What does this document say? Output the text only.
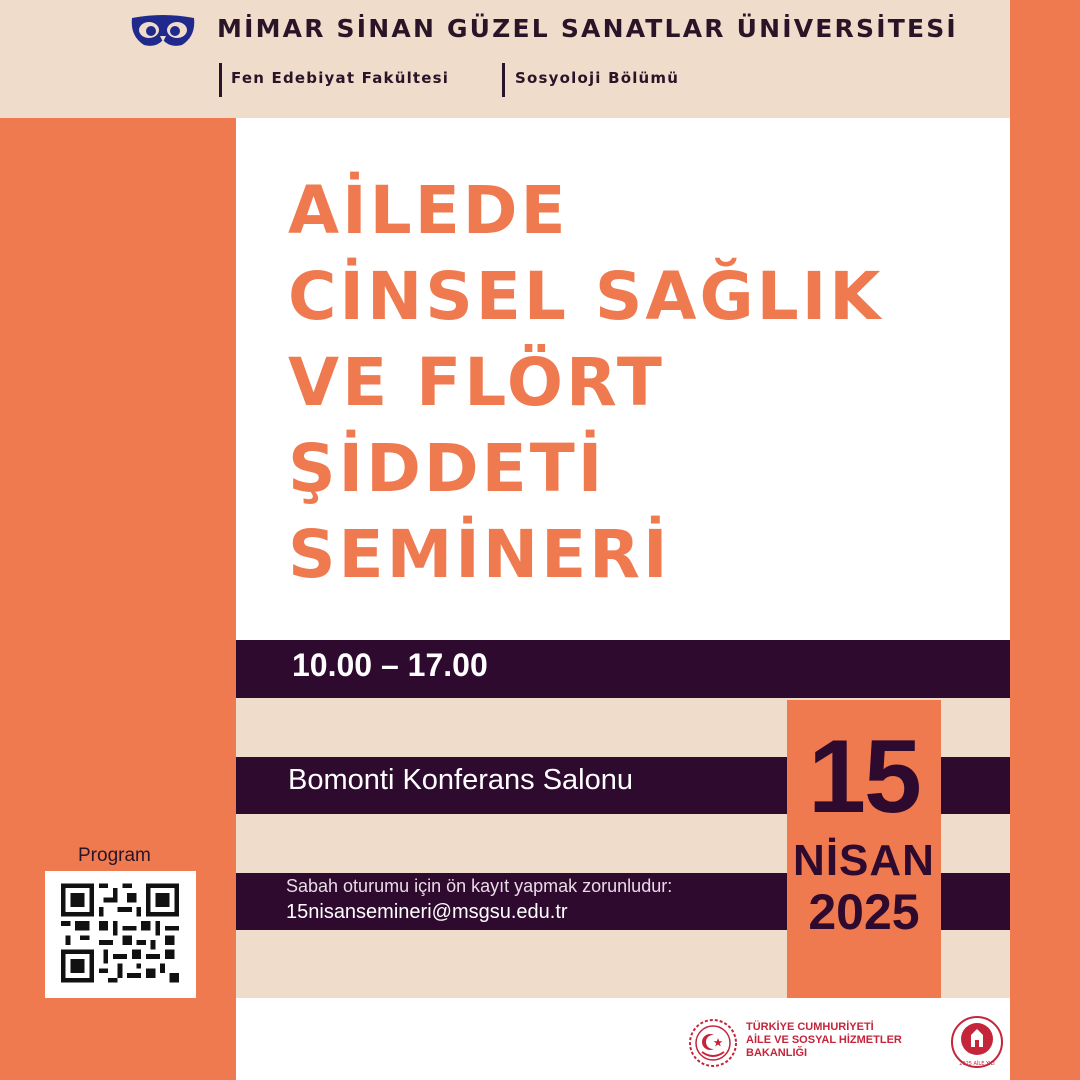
MİMAR SİNAN GÜZEL SANATLAR ÜNİVERSİTESİ
Fen Edebiyat Fakültesi	Sosyoloji Bölümü
AİLEDE
CİNSEL SAĞLIK
VE FLÖRT
ŞİDDETİ
SEMİNERİ
10.00 – 17.00
Bomonti Konferans Salonu
Sabah oturumu için ön kayıt yapmak zorunludur:
15nisansemineri@msgsu.edu.tr
15
NİSAN
2025
Program
TÜRKİYE CUMHURİYETİ
AİLE VE SOSYAL HİZMETLER
BAKANLIĞI
2025 AİLE YILI
